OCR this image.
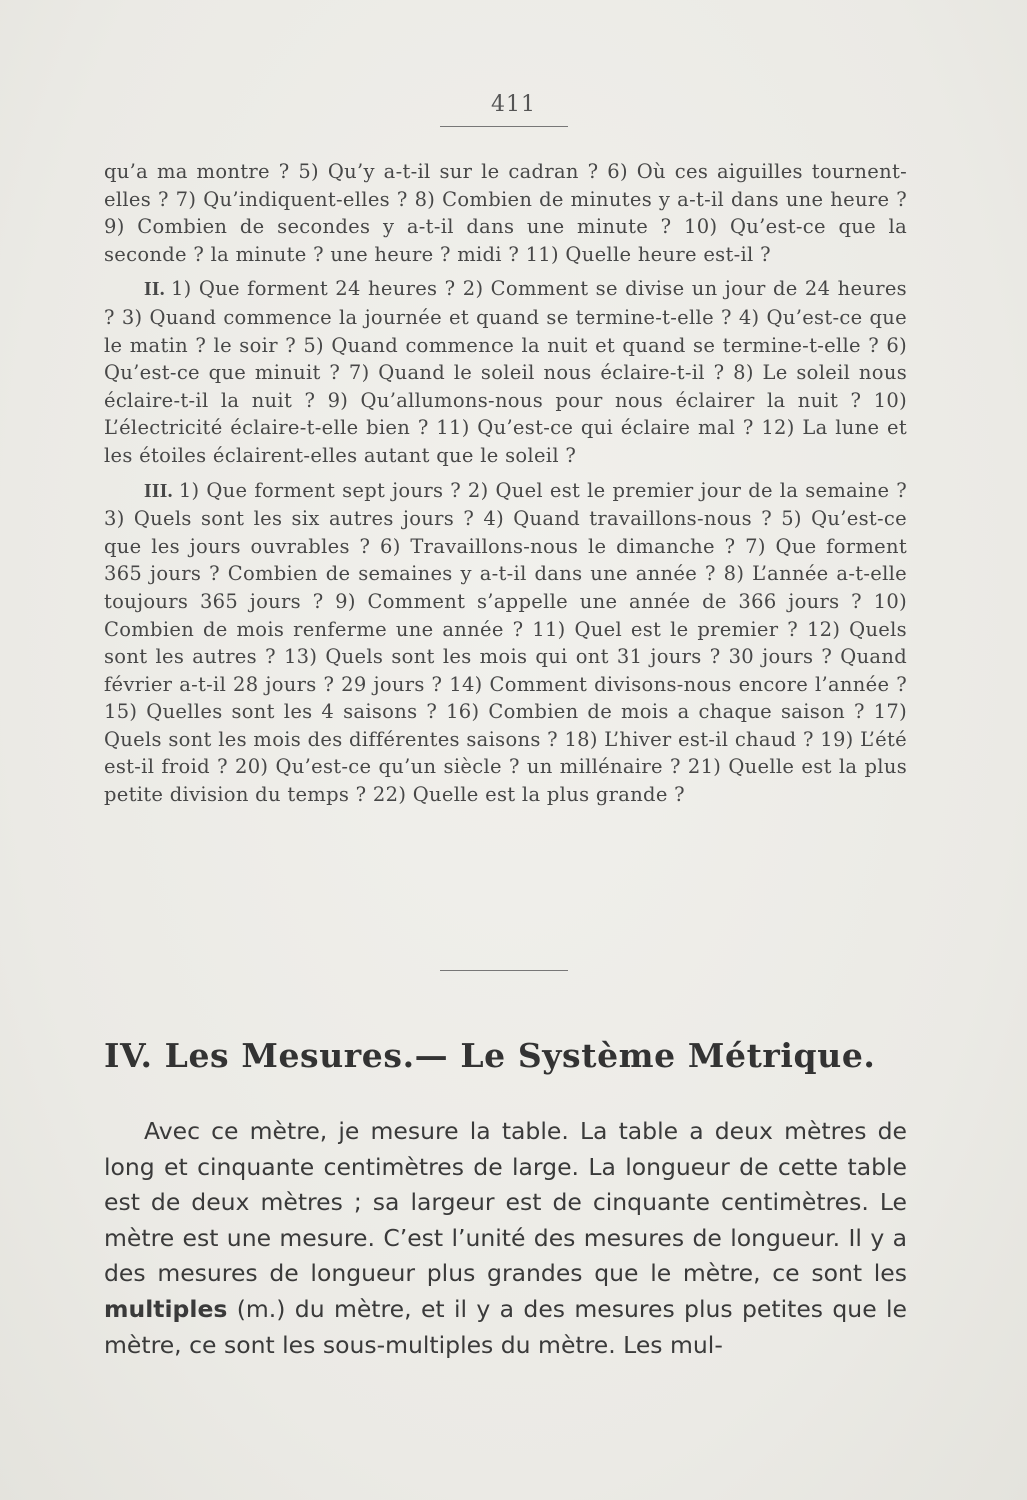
411

qu’a ma montre ? 5) Qu’y a-t-il sur le cadran ? 6) Où ces aiguilles tournent-elles ? 7) Qu’indiquent-elles ? 8) Combien de minutes y a-t-il dans une heure ? 9) Combien de secondes y a-t-il dans une minute ? 10) Qu’est-ce que la seconde ? la minute ? une heure ? midi ? 11) Quelle heure est-il ?

II. 1) Que forment 24 heures ? 2) Comment se divise un jour de 24 heures ? 3) Quand commence la journée et quand se termine-t-elle ? 4) Qu’est-ce que le matin ? le soir ? 5) Quand commence la nuit et quand se termine-t-elle ? 6) Qu’est-ce que minuit ? 7) Quand le soleil nous éclaire-t-il ? 8) Le soleil nous éclaire-t-il la nuit ? 9) Qu’allumons-nous pour nous éclairer la nuit ? 10) L’électricité éclaire-t-elle bien ? 11) Qu’est-ce qui éclaire mal ? 12) La lune et les étoiles éclairent-elles autant que le soleil ?

III. 1) Que forment sept jours ? 2) Quel est le premier jour de la semaine ? 3) Quels sont les six autres jours ? 4) Quand travaillons-nous ? 5) Qu’est-ce que les jours ouvrables ? 6) Travaillons-nous le dimanche ? 7) Que forment 365 jours ? Combien de semaines y a-t-il dans une année ? 8) L’année a-t-elle toujours 365 jours ? 9) Comment s’appelle une année de 366 jours ? 10) Combien de mois renferme une année ? 11) Quel est le premier ? 12) Quels sont les autres ? 13) Quels sont les mois qui ont 31 jours ? 30 jours ? Quand février a-t-il 28 jours ? 29 jours ? 14) Comment divisons-nous encore l’année ? 15) Quelles sont les 4 saisons ? 16) Combien de mois a chaque saison ? 17) Quels sont les mois des différentes saisons ? 18) L’hiver est-il chaud ? 19) L’été est-il froid ? 20) Qu’est-ce qu’un siècle ? un millénaire ? 21) Quelle est la plus petite division du temps ? 22) Quelle est la plus grande ?

IV. Les Mesures.— Le Système Métrique.

Avec ce mètre, je mesure la table. La table a deux mètres de long et cinquante centimètres de large. La longueur de cette table est de deux mètres ; sa largeur est de cinquante centimètres. Le mètre est une mesure. C’est l’unité des mesures de longueur. Il y a des mesures de longueur plus grandes que le mètre, ce sont les multiples (m.) du mètre, et il y a des mesures plus petites que le mètre, ce sont les sous-multiples du mètre. Les mul-
